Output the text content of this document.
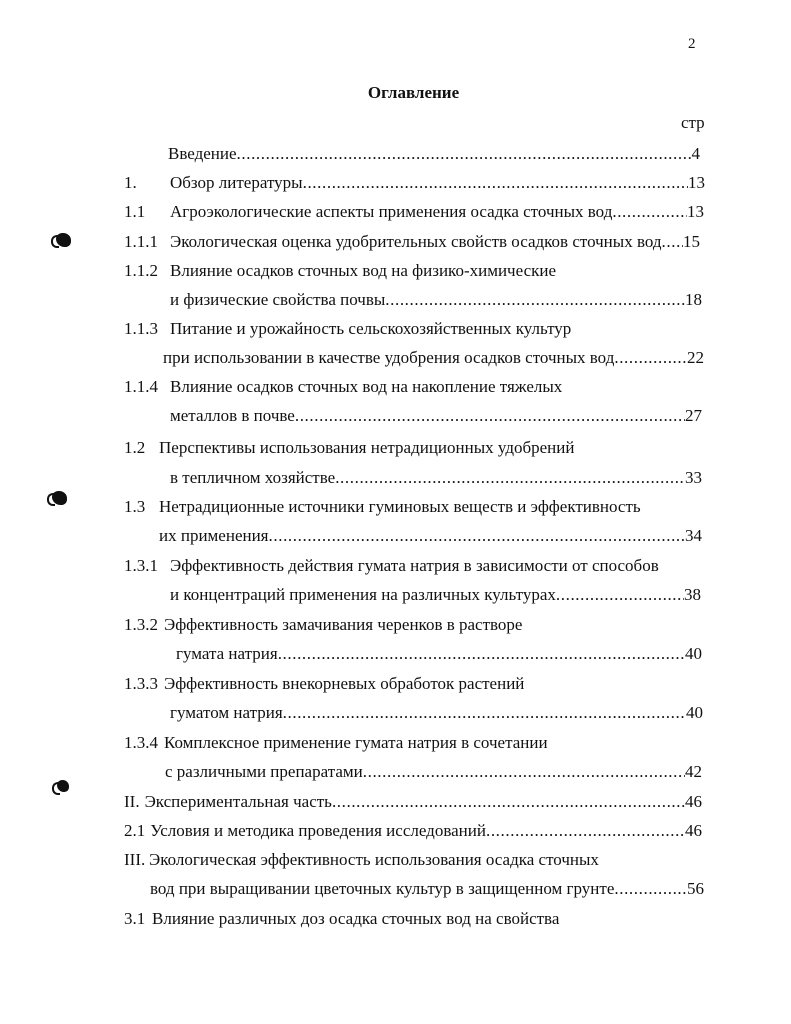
2
Оглавление
стр
Введение .....	4
1. Обзор литературы .....	13
1.1 Агроэкологические аспекты применения осадка сточных вод .....	13
1.1.1 Экологическая оценка удобрительных свойств осадков сточных вод ..... 15
1.1.2 Влияние осадков сточных вод на физико-химические
и физические свойства почвы .....	18
1.1.3 Питание и урожайность сельскохозяйственных культур
при использовании в качестве удобрения осадков сточных вод .....	22
1.1.4 Влияние осадков сточных вод на накопление тяжелых
металлов в почве .....	27
1.2 Перспективы использования нетрадиционных удобрений
в тепличном хозяйстве .....	33
1.3 Нетрадиционные источники гуминовых веществ и эффективность
их применения .....	34
1.3.1 Эффективность действия гумата натрия в зависимости от способов
и концентраций применения на различных культурах .....	38
1.3.2 Эффективность замачивания черенков в растворе
гумата натрия .....	40
1.3.3 Эффективность внекорневых обработок растений
гуматом натрия .....	40
1.3.4 Комплексное применение гумата натрия в сочетании
с различными препаратами .....	42
II. Экспериментальная часть .....	46
2.1 Условия и методика проведения исследований .....	46
III. Экологическая эффективность использования осадка сточных
вод при выращивании цветочных культур в защищенном грунте .....	56
3.1 Влияние различных доз осадка сточных вод на свойства
